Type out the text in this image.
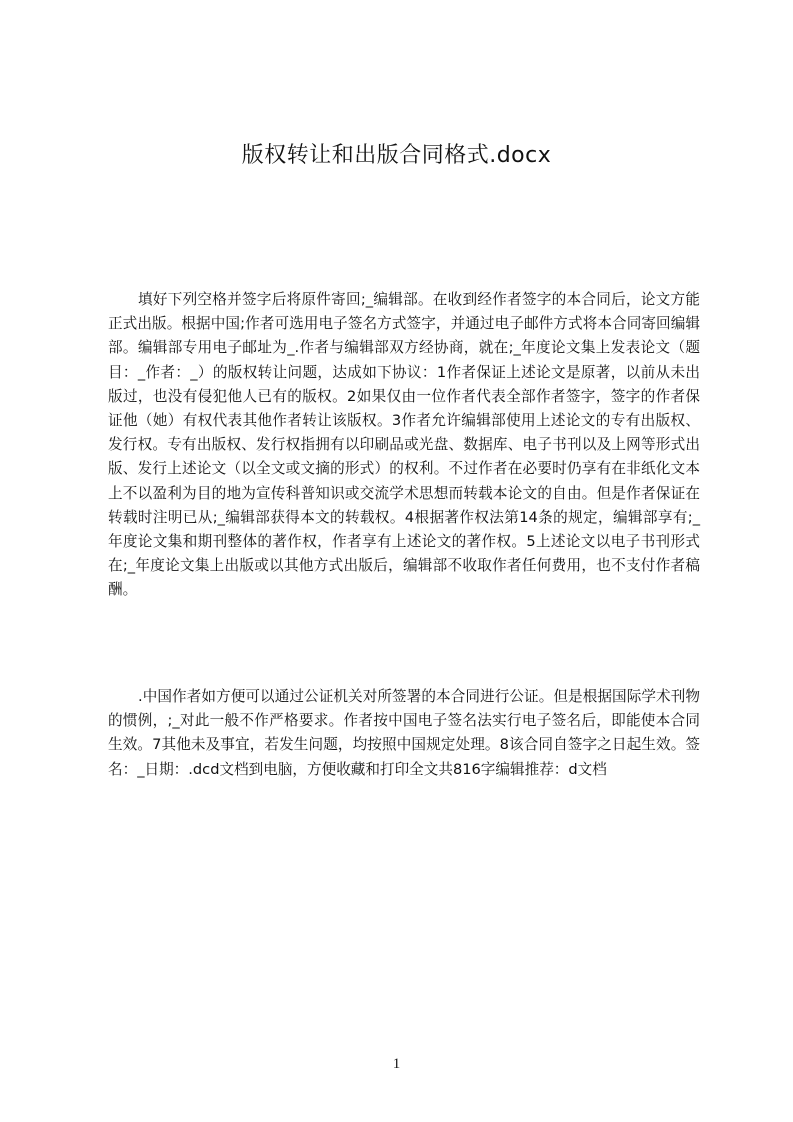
版权转让和出版合同格式.docx

填好下列空格并签字后将原件寄回;_编辑部。在收到经作者签字的本合同后，论文方能正式出版。根据中国;作者可选用电子签名方式签字，并通过电子邮件方式将本合同寄回编辑部。编辑部专用电子邮址为_.作者与编辑部双方经协商，就在;_年度论文集上发表论文（题目：_作者：_）的版权转让问题，达成如下协议：1作者保证上述论文是原著，以前从未出版过，也没有侵犯他人已有的版权。2如果仅由一位作者代表全部作者签字，签字的作者保证他（她）有权代表其他作者转让该版权。3作者允许编辑部使用上述论文的专有出版权、发行权。专有出版权、发行权指拥有以印刷品或光盘、数据库、电子书刊以及上网等形式出版、发行上述论文（以全文或文摘的形式）的权利。不过作者在必要时仍享有在非纸化文本上不以盈利为目的地为宣传科普知识或交流学术思想而转载本论文的自由。但是作者保证在转载时注明已从;_编辑部获得本文的转载权。4根据著作权法第14条的规定，编辑部享有;_年度论文集和期刊整体的著作权，作者享有上述论文的著作权。5上述论文以电子书刊形式在;_年度论文集上出版或以其他方式出版后，编辑部不收取作者任何费用，也不支付作者稿酬。

.中国作者如方便可以通过公证机关对所签署的本合同进行公证。但是根据国际学术刊物的惯例，;_对此一般不作严格要求。作者按中国电子签名法实行电子签名后，即能使本合同生效。7其他未及事宜，若发生问题，均按照中国规定处理。8该合同自签字之日起生效。签名：_日期：.dcd文档到电脑，方便收藏和打印全文共816字编辑推荐：d文档

1
